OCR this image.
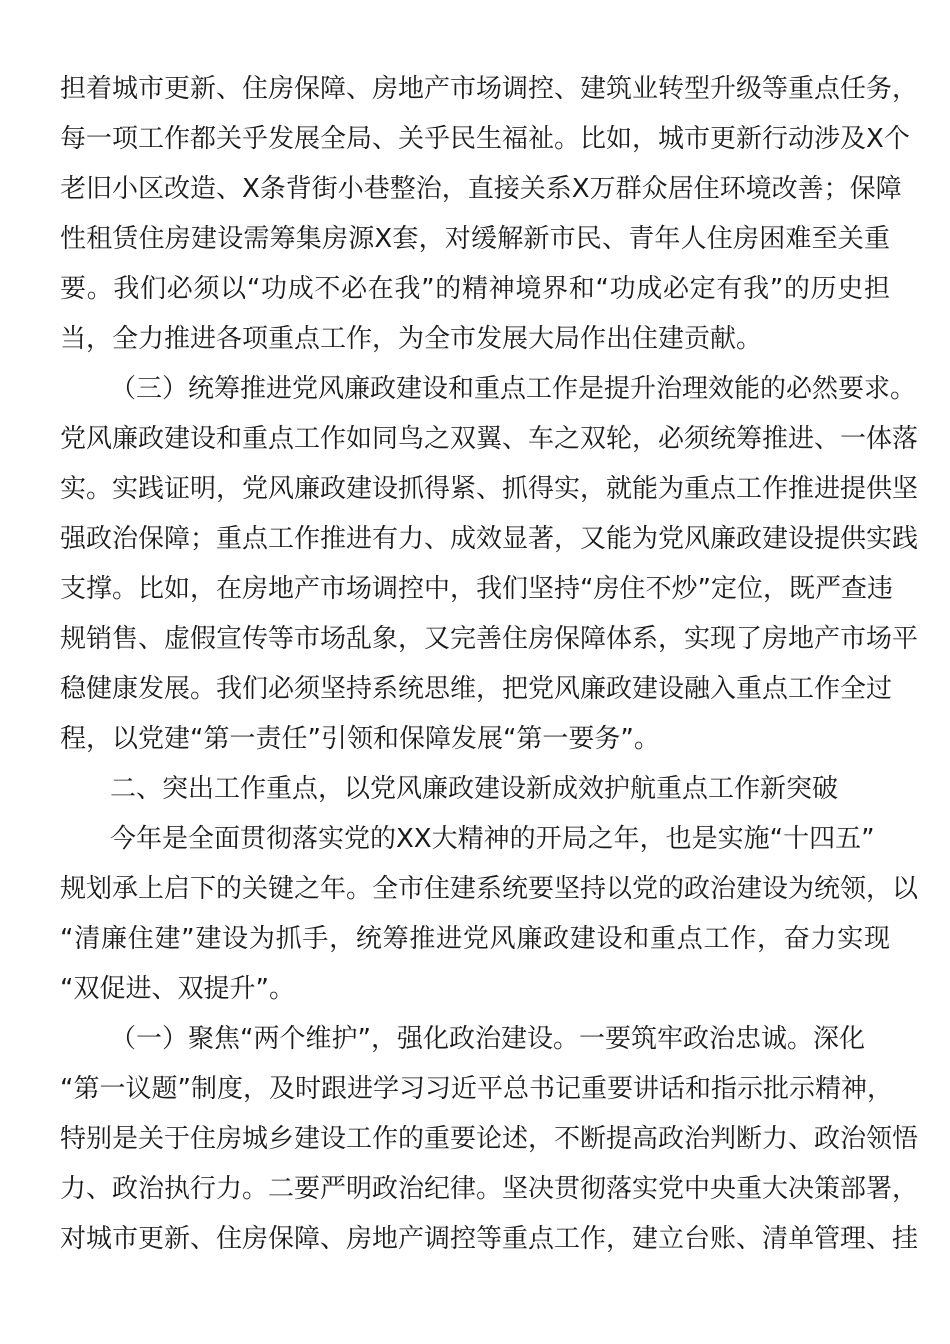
担着城市更新、住房保障、房地产市场调控、建筑业转型升级等重点任务，
每一项工作都关乎发展全局、关乎民生福祉。比如，城市更新行动涉及X个
老旧小区改造、X条背街小巷整治，直接关系X万群众居住环境改善；保障
性租赁住房建设需筹集房源X套，对缓解新市民、青年人住房困难至关重
要。我们必须以“功成不必在我”的精神境界和“功成必定有我”的历史担
当，全力推进各项重点工作，为全市发展大局作出住建贡献。
（三）统筹推进党风廉政建设和重点工作是提升治理效能的必然要求。
党风廉政建设和重点工作如同鸟之双翼、车之双轮，必须统筹推进、一体落
实。实践证明，党风廉政建设抓得紧、抓得实，就能为重点工作推进提供坚
强政治保障；重点工作推进有力、成效显著，又能为党风廉政建设提供实践
支撑。比如，在房地产市场调控中，我们坚持“房住不炒”定位，既严查违
规销售、虚假宣传等市场乱象，又完善住房保障体系，实现了房地产市场平
稳健康发展。我们必须坚持系统思维，把党风廉政建设融入重点工作全过
程，以党建“第一责任”引领和保障发展“第一要务”。
二、突出工作重点，以党风廉政建设新成效护航重点工作新突破
今年是全面贯彻落实党的XX大精神的开局之年，也是实施“十四五”
规划承上启下的关键之年。全市住建系统要坚持以党的政治建设为统领，以
“清廉住建”建设为抓手，统筹推进党风廉政建设和重点工作，奋力实现
“双促进、双提升”。
（一）聚焦“两个维护”，强化政治建设。一要筑牢政治忠诚。深化
“第一议题”制度，及时跟进学习习近平总书记重要讲话和指示批示精神，
特别是关于住房城乡建设工作的重要论述，不断提高政治判断力、政治领悟
力、政治执行力。二要严明政治纪律。坚决贯彻落实党中央重大决策部署，
对城市更新、住房保障、房地产调控等重点工作，建立台账、清单管理、挂
